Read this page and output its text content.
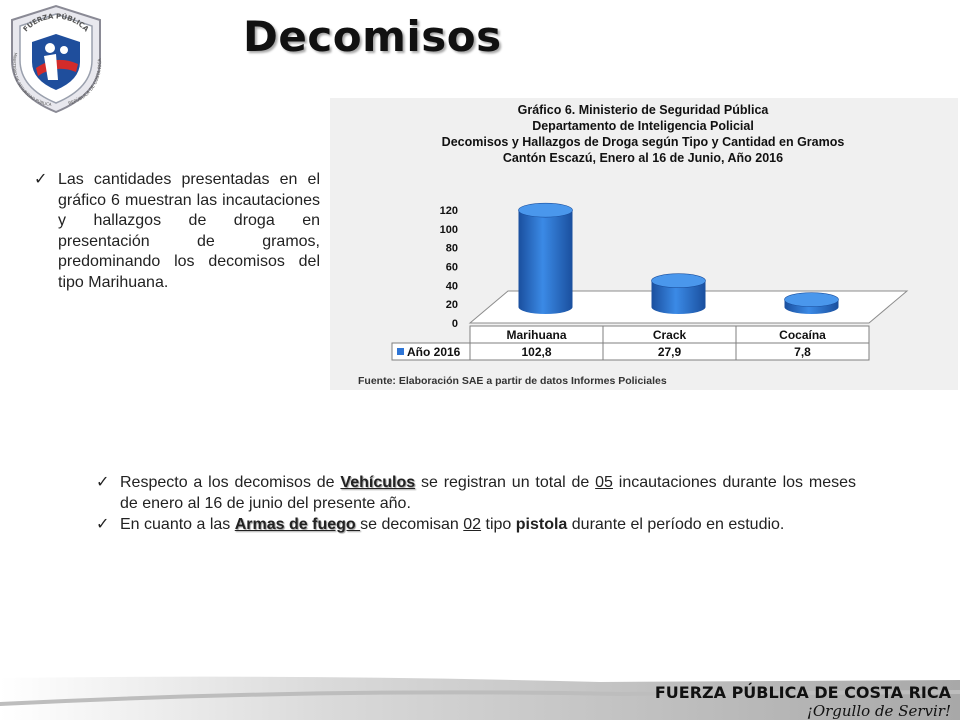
FUERZA PÚBLICA
MINISTERIO DE SEGURIDAD PÚBLICA	REPÚBLICA DE COSTA RICA	Decomisos
✓ Las cantidades presentadas en el gráfico 6 muestran las incautaciones y hallazgos de droga en presentación de gramos, predominando los decomisos del tipo Marihuana.
Gráfico 6. Ministerio de Seguridad Pública
Departamento de Inteligencia Policial
Decomisos y Hallazgos de Droga según Tipo y Cantidad en Gramos
Cantón Escazú, Enero al 16 de Junio, Año 2016
0
20
40
60
80
100
120
Marihuana	Crack	Cocaína
102,8	27,9	7,8
Año 2016
Fuente: Elaboración SAE a partir de datos Informes Policiales
✓ Respecto a los decomisos de Vehículos se registran un total de 05 incautaciones durante los meses de enero al 16 de junio del presente año.
✓ En cuanto a las Armas de fuego se decomisan 02 tipo pistola durante el período en estudio.
FUERZA PÚBLICA DE COSTA RICA
¡Orgullo de Servir!
